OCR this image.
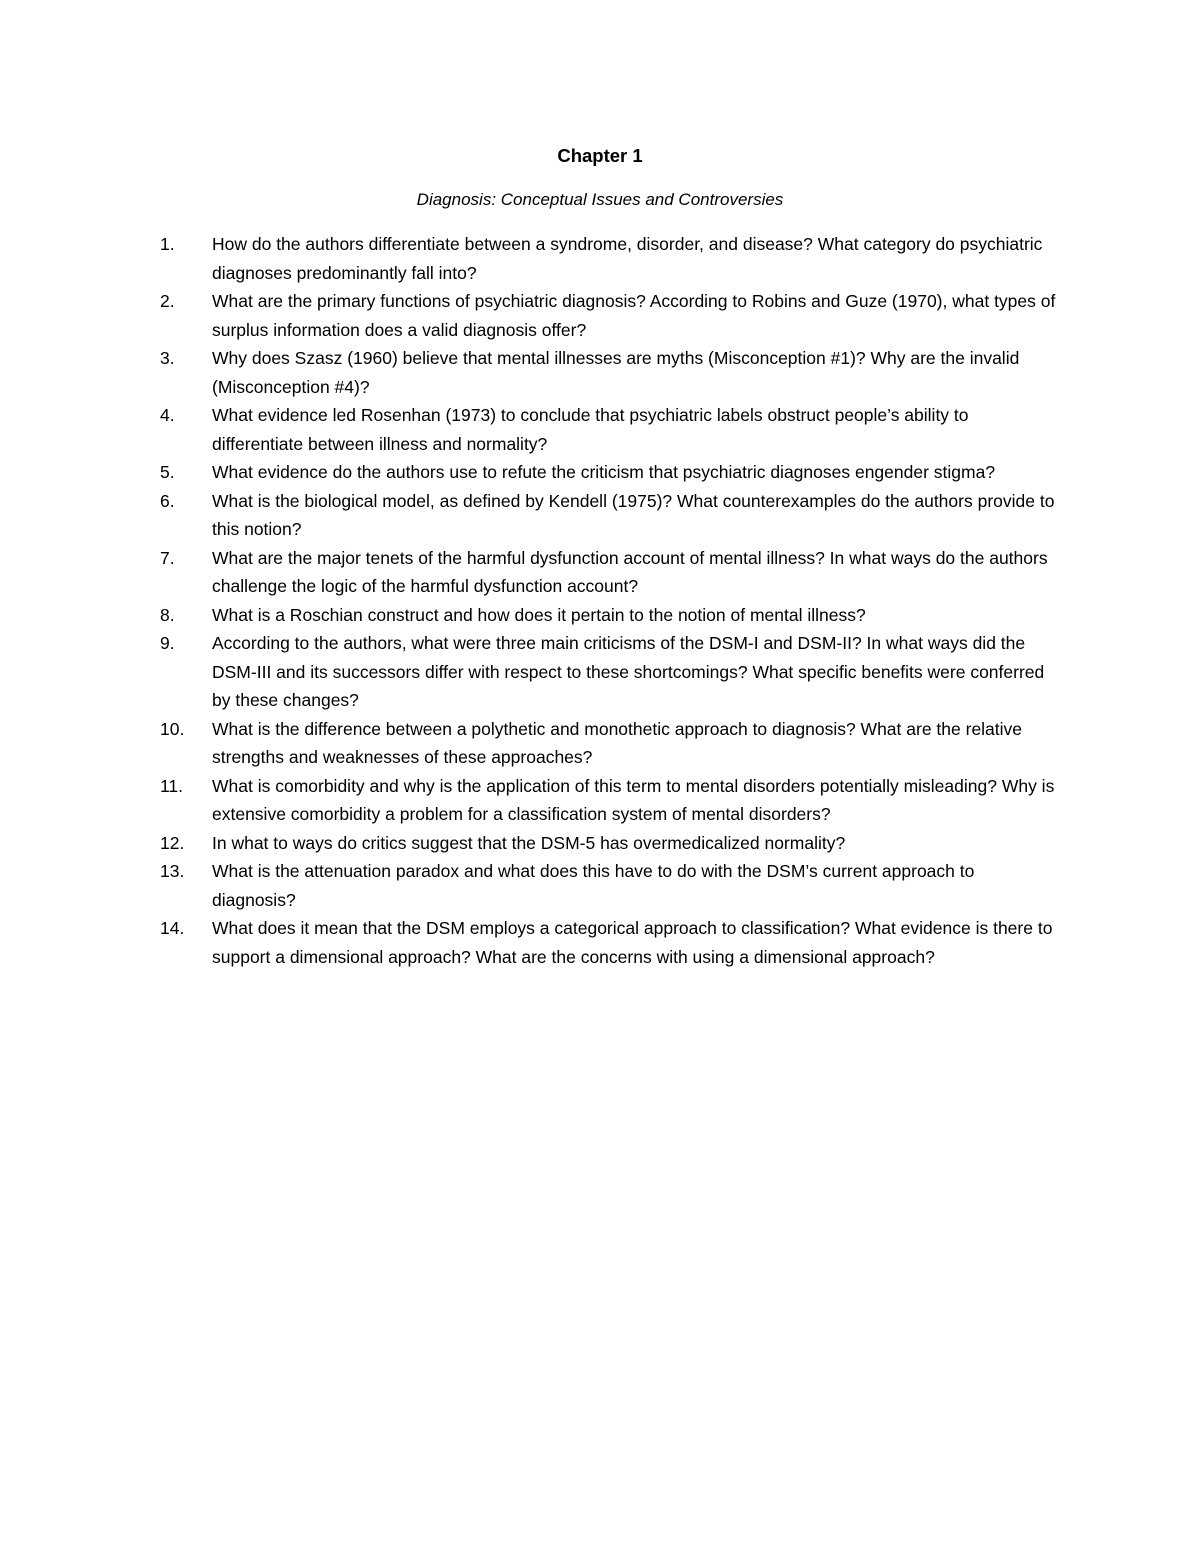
Chapter 1
Diagnosis: Conceptual Issues and Controversies
1.	How do the authors differentiate between a syndrome, disorder, and disease? What category do psychiatric diagnoses predominantly fall into?
2.	What are the primary functions of psychiatric diagnosis? According to Robins and Guze (1970), what types of surplus information does a valid diagnosis offer?
3.	Why does Szasz (1960) believe that mental illnesses are myths (Misconception #1)? Why are the invalid (Misconception #4)?
4.	What evidence led Rosenhan (1973) to conclude that psychiatric labels obstruct people’s ability to differentiate between illness and normality?
5.	What evidence do the authors use to refute the criticism that psychiatric diagnoses engender stigma?
6.	What is the biological model, as defined by Kendell (1975)? What counterexamples do the authors provide to this notion?
7.	What are the major tenets of the harmful dysfunction account of mental illness? In what ways do the authors challenge the logic of the harmful dysfunction account?
8.	What is a Roschian construct and how does it pertain to the notion of mental illness?
9.	According to the authors, what were three main criticisms of the DSM-I and DSM-II? In what ways did the DSM-III and its successors differ with respect to these shortcomings? What specific benefits were conferred by these changes?
10.	What is the difference between a polythetic and monothetic approach to diagnosis? What are the relative strengths and weaknesses of these approaches?
11.	What is comorbidity and why is the application of this term to mental disorders potentially misleading? Why is extensive comorbidity a problem for a classification system of mental disorders?
12.	In what to ways do critics suggest that the DSM-5 has overmedicalized normality?
13.	What is the attenuation paradox and what does this have to do with the DSM’s current approach to diagnosis?
14.	What does it mean that the DSM employs a categorical approach to classification? What evidence is there to support a dimensional approach? What are the concerns with using a dimensional approach?
